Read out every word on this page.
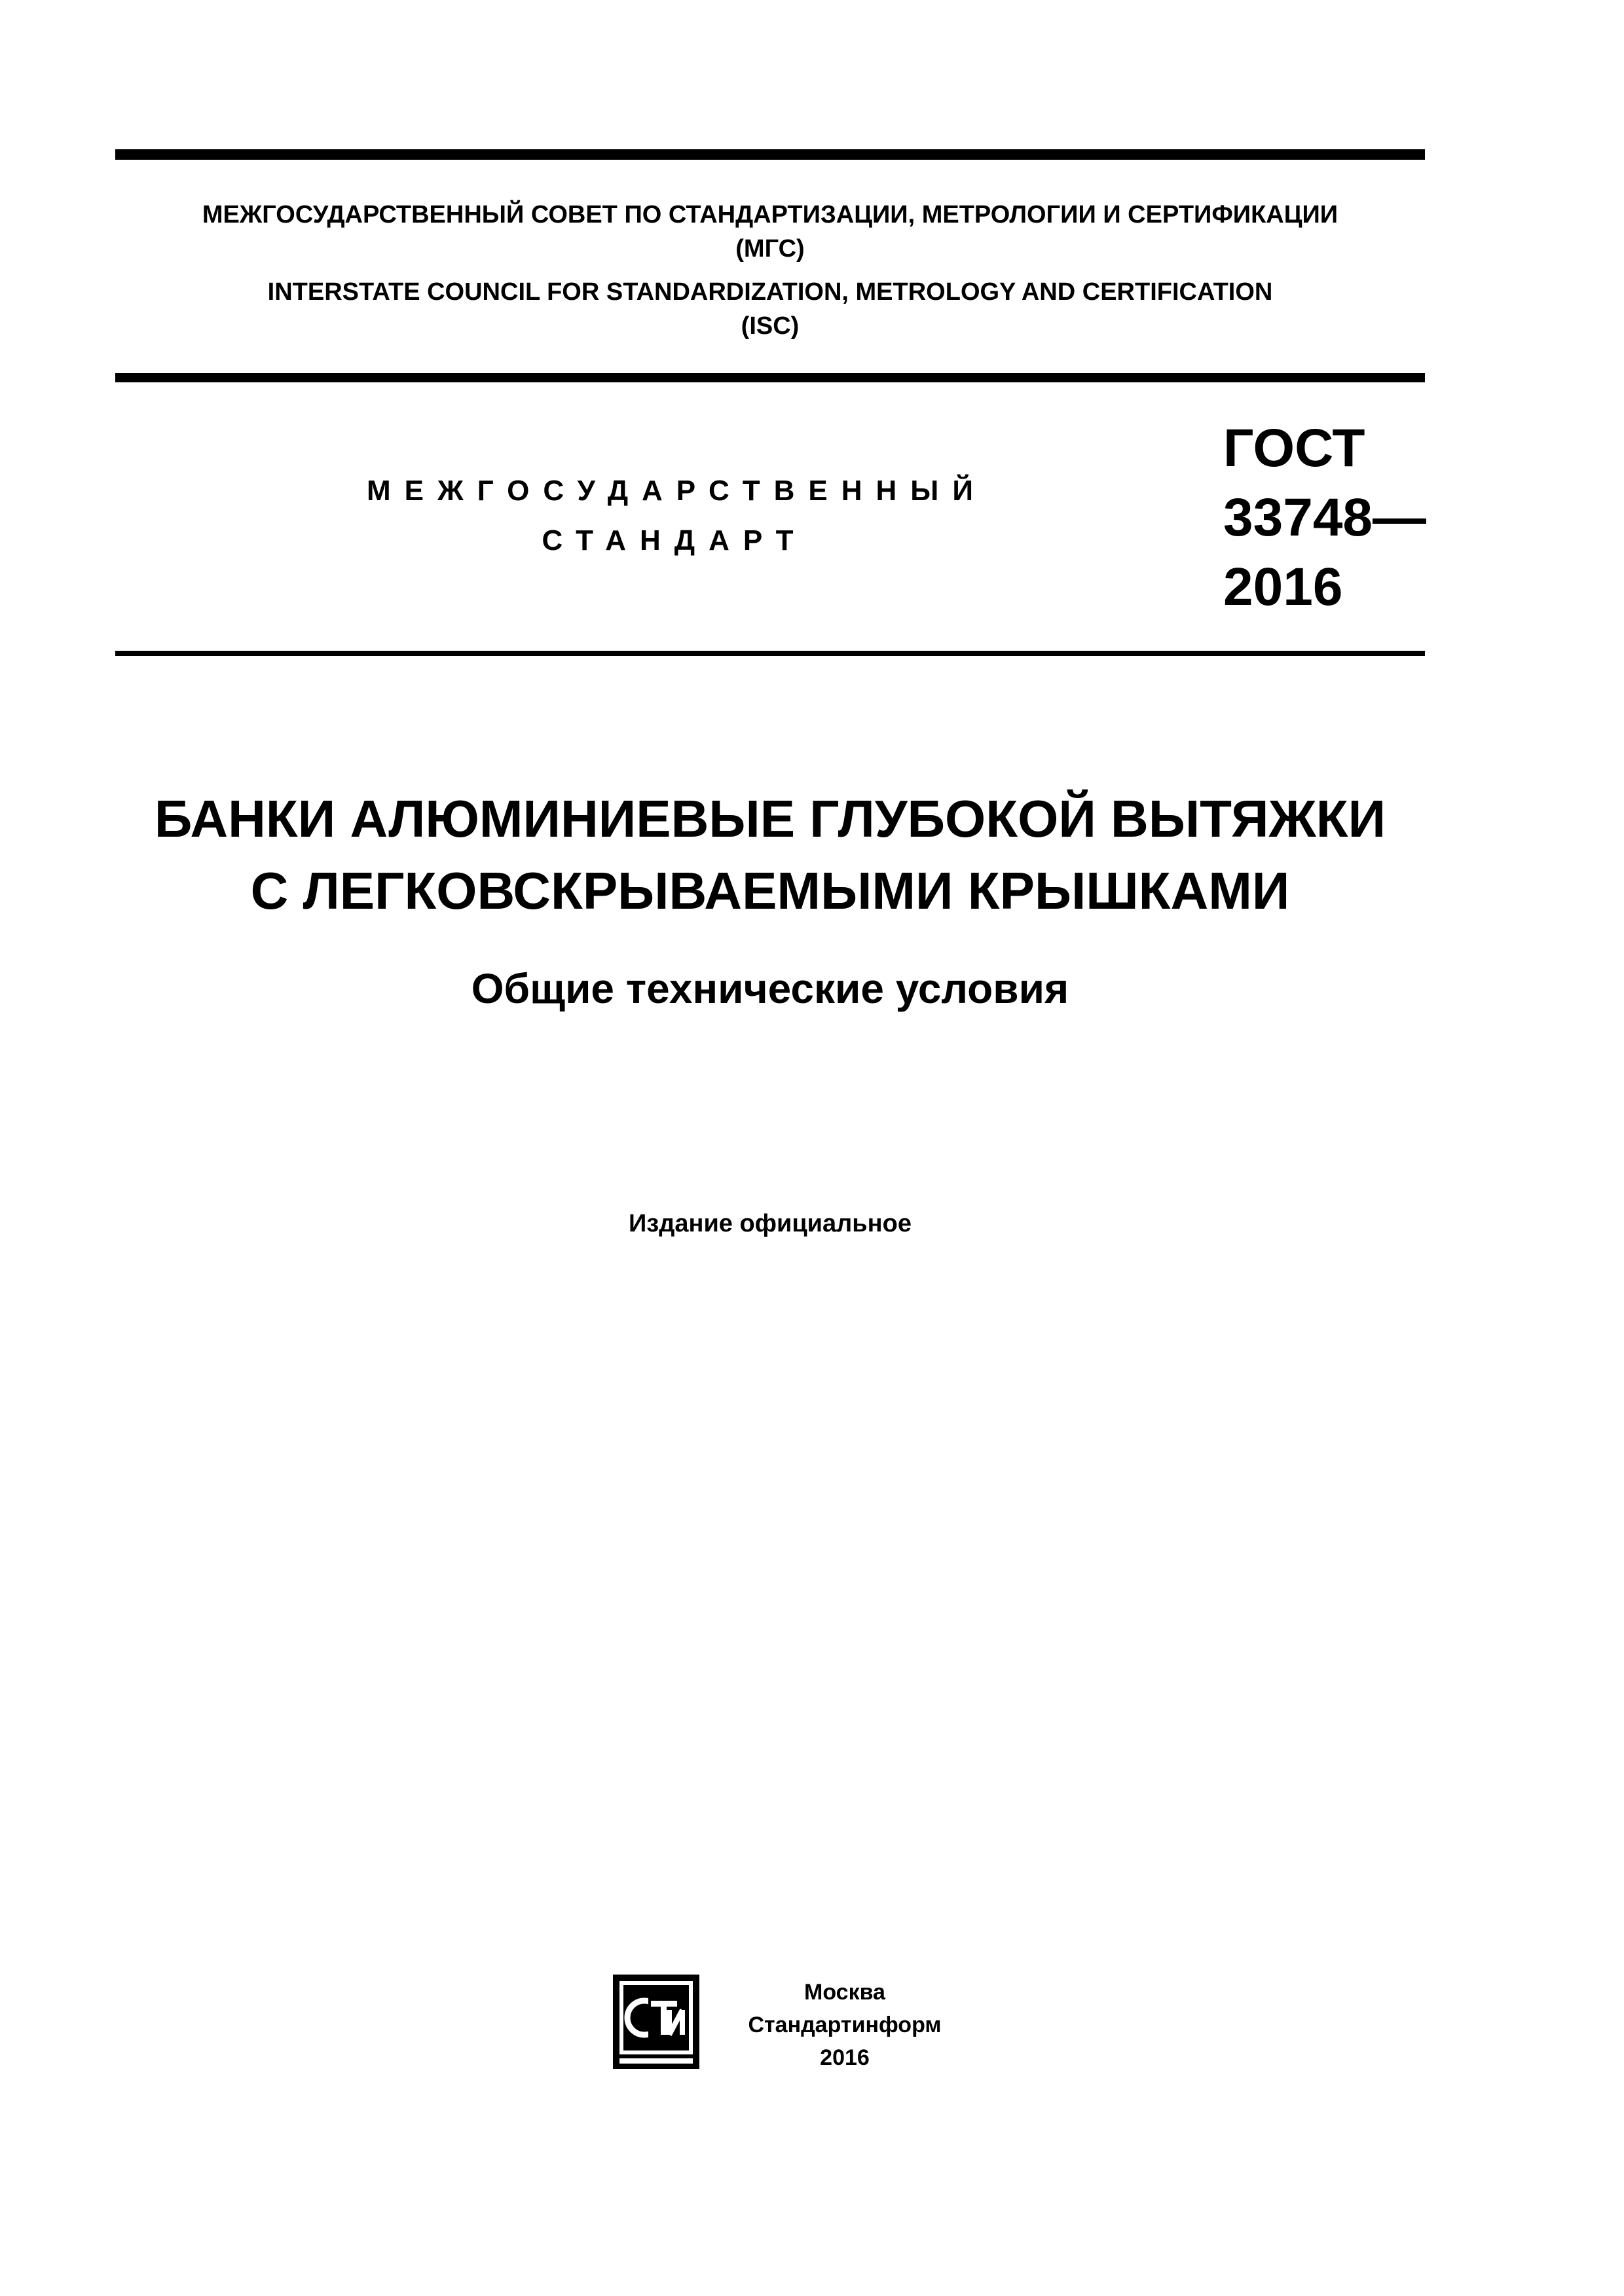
МЕЖГОСУДАРСТВЕННЫЙ СОВЕТ ПО СТАНДАРТИЗАЦИИ, МЕТРОЛОГИИ И СЕРТИФИКАЦИИ
(МГС)
INTERSTATE COUNCIL FOR STANDARDIZATION, METROLOGY AND CERTIFICATION
(ISC)
МЕЖГОСУДАРСТВЕННЫЙ
СТАНДАРТ
ГОСТ
33748—
2016
БАНКИ АЛЮМИНИЕВЫЕ ГЛУБОКОЙ ВЫТЯЖКИ
С ЛЕГКОВСКРЫВАЕМЫМИ КРЫШКАМИ
Общие технические условия
Издание официальное
Москва
Стандартинформ
2016
